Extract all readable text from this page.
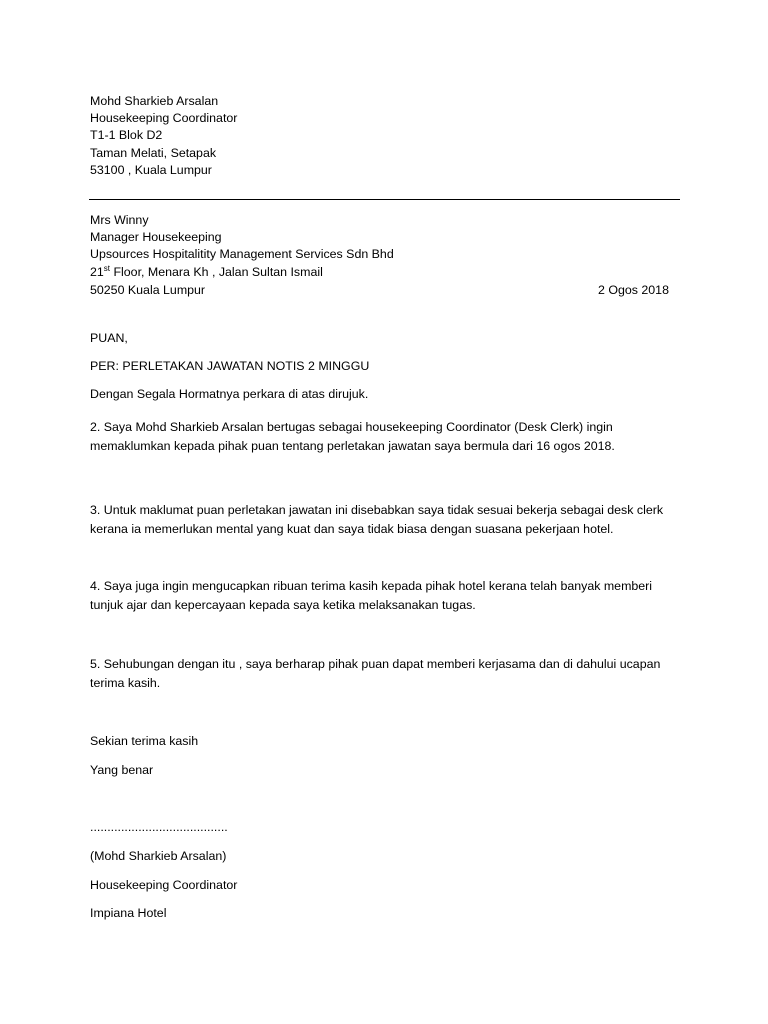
Mohd Sharkieb Arsalan
Housekeeping Coordinator
T1-1 Blok D2
Taman Melati, Setapak
53100 , Kuala Lumpur
Mrs Winny
Manager Housekeeping
Upsources Hospitalitity Management Services Sdn Bhd
21st Floor, Menara Kh , Jalan Sultan Ismail
50250 Kuala Lumpur	2 Ogos 2018
PUAN,
PER: PERLETAKAN JAWATAN NOTIS 2 MINGGU
Dengan Segala Hormatnya perkara di atas dirujuk.
2. Saya Mohd Sharkieb Arsalan bertugas sebagai housekeeping Coordinator (Desk Clerk) ingin
memaklumkan kepada pihak puan tentang perletakan jawatan saya bermula dari 16 ogos 2018.
3. Untuk maklumat puan perletakan jawatan ini disebabkan saya tidak sesuai bekerja sebagai desk clerk
kerana ia memerlukan mental yang kuat dan saya tidak biasa dengan suasana pekerjaan hotel.
4. Saya juga ingin mengucapkan ribuan terima kasih kepada pihak hotel kerana telah banyak memberi
tunjuk ajar dan kepercayaan kepada saya ketika melaksanakan tugas.
5. Sehubungan dengan itu , saya berharap pihak puan dapat memberi kerjasama dan di dahului ucapan
terima kasih.
Sekian terima kasih
Yang benar
........................................
(Mohd Sharkieb Arsalan)
Housekeeping Coordinator
Impiana Hotel
